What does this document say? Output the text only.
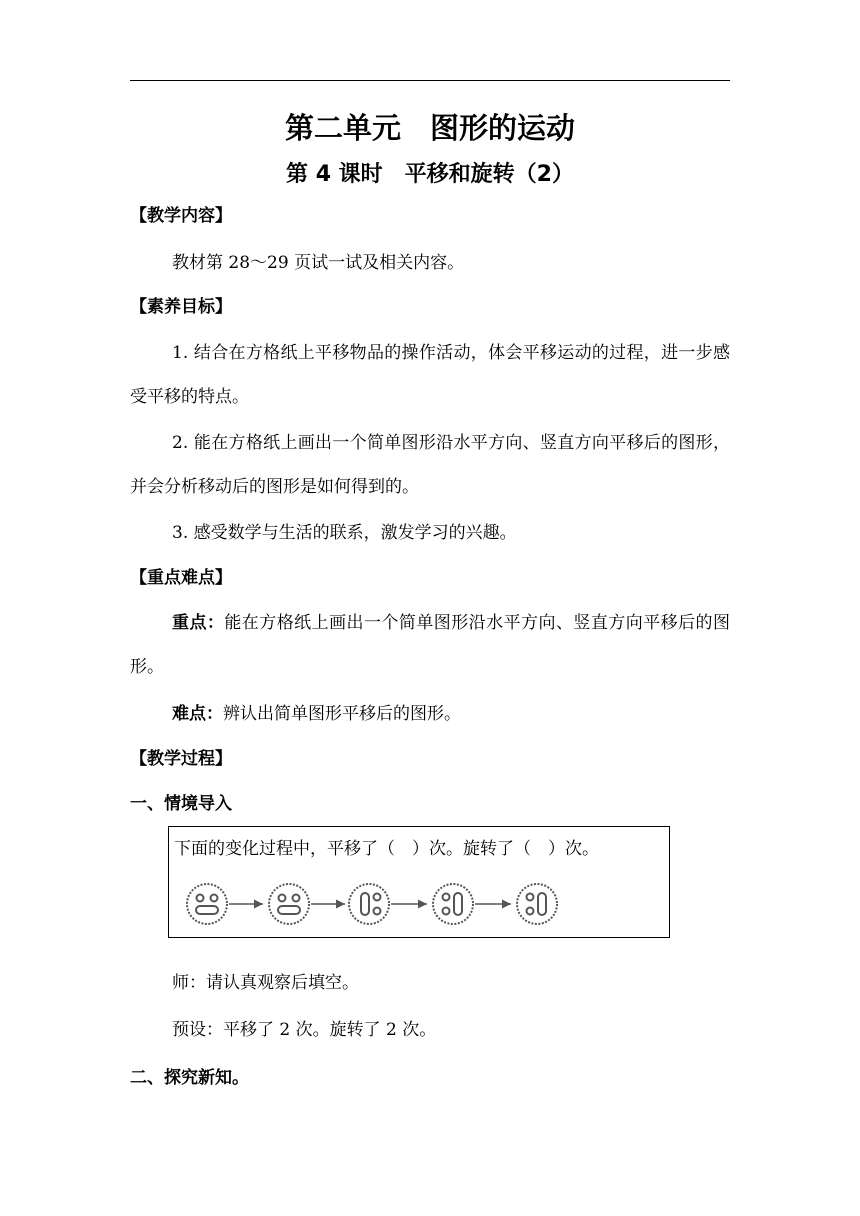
第二单元　图形的运动
第 4 课时　平移和旋转（2）
【教学内容】
教材第 28～29 页试一试及相关内容。
【素养目标】
1. 结合在方格纸上平移物品的操作活动，体会平移运动的过程，进一步感受平移的特点。
2. 能在方格纸上画出一个简单图形沿水平方向、竖直方向平移后的图形，并会分析移动后的图形是如何得到的。
3. 感受数学与生活的联系，激发学习的兴趣。
【重点难点】
重点：能在方格纸上画出一个简单图形沿水平方向、竖直方向平移后的图形。
难点：辨认出简单图形平移后的图形。
【教学过程】
一、情境导入
下面的变化过程中，平移了（　）次。旋转了（　）次。
师：请认真观察后填空。
预设：平移了 2 次。旋转了 2 次。
二、探究新知。
